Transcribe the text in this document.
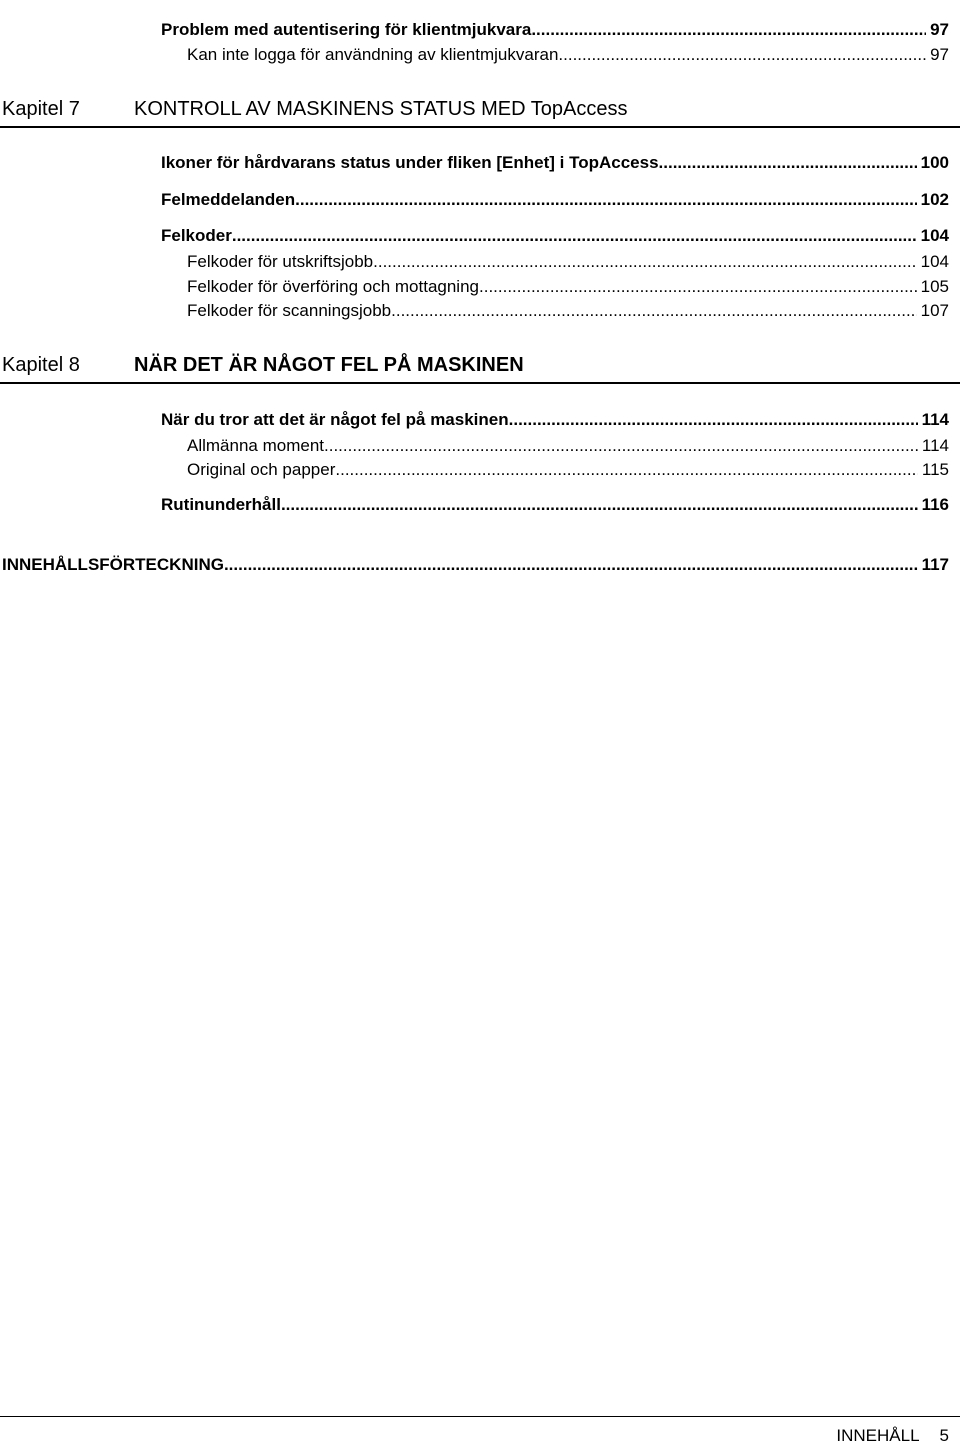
Problem med autentisering för klientmjukvara .....	97
Kan inte logga för användning av klientmjukvaran. .....	97
Kapitel 7	KONTROLL AV MASKINENS STATUS MED TopAccess
Ikoner för hårdvarans status under fliken [Enhet] i TopAccess .....	100
Felmeddelanden .....	102
Felkoder .....	104
Felkoder för utskriftsjobb .....	104
Felkoder för överföring och mottagning .....	105
Felkoder för scanningsjobb .....	107
Kapitel 8	NÄR DET ÄR NÅGOT FEL PÅ MASKINEN
När du tror att det är något fel på maskinen .....	114
Allmänna moment .....	114
Original och papper .....	115
Rutinunderhåll .....	116
INNEHÅLLSFÖRTECKNING .....	117
INNEHÅLL 5
